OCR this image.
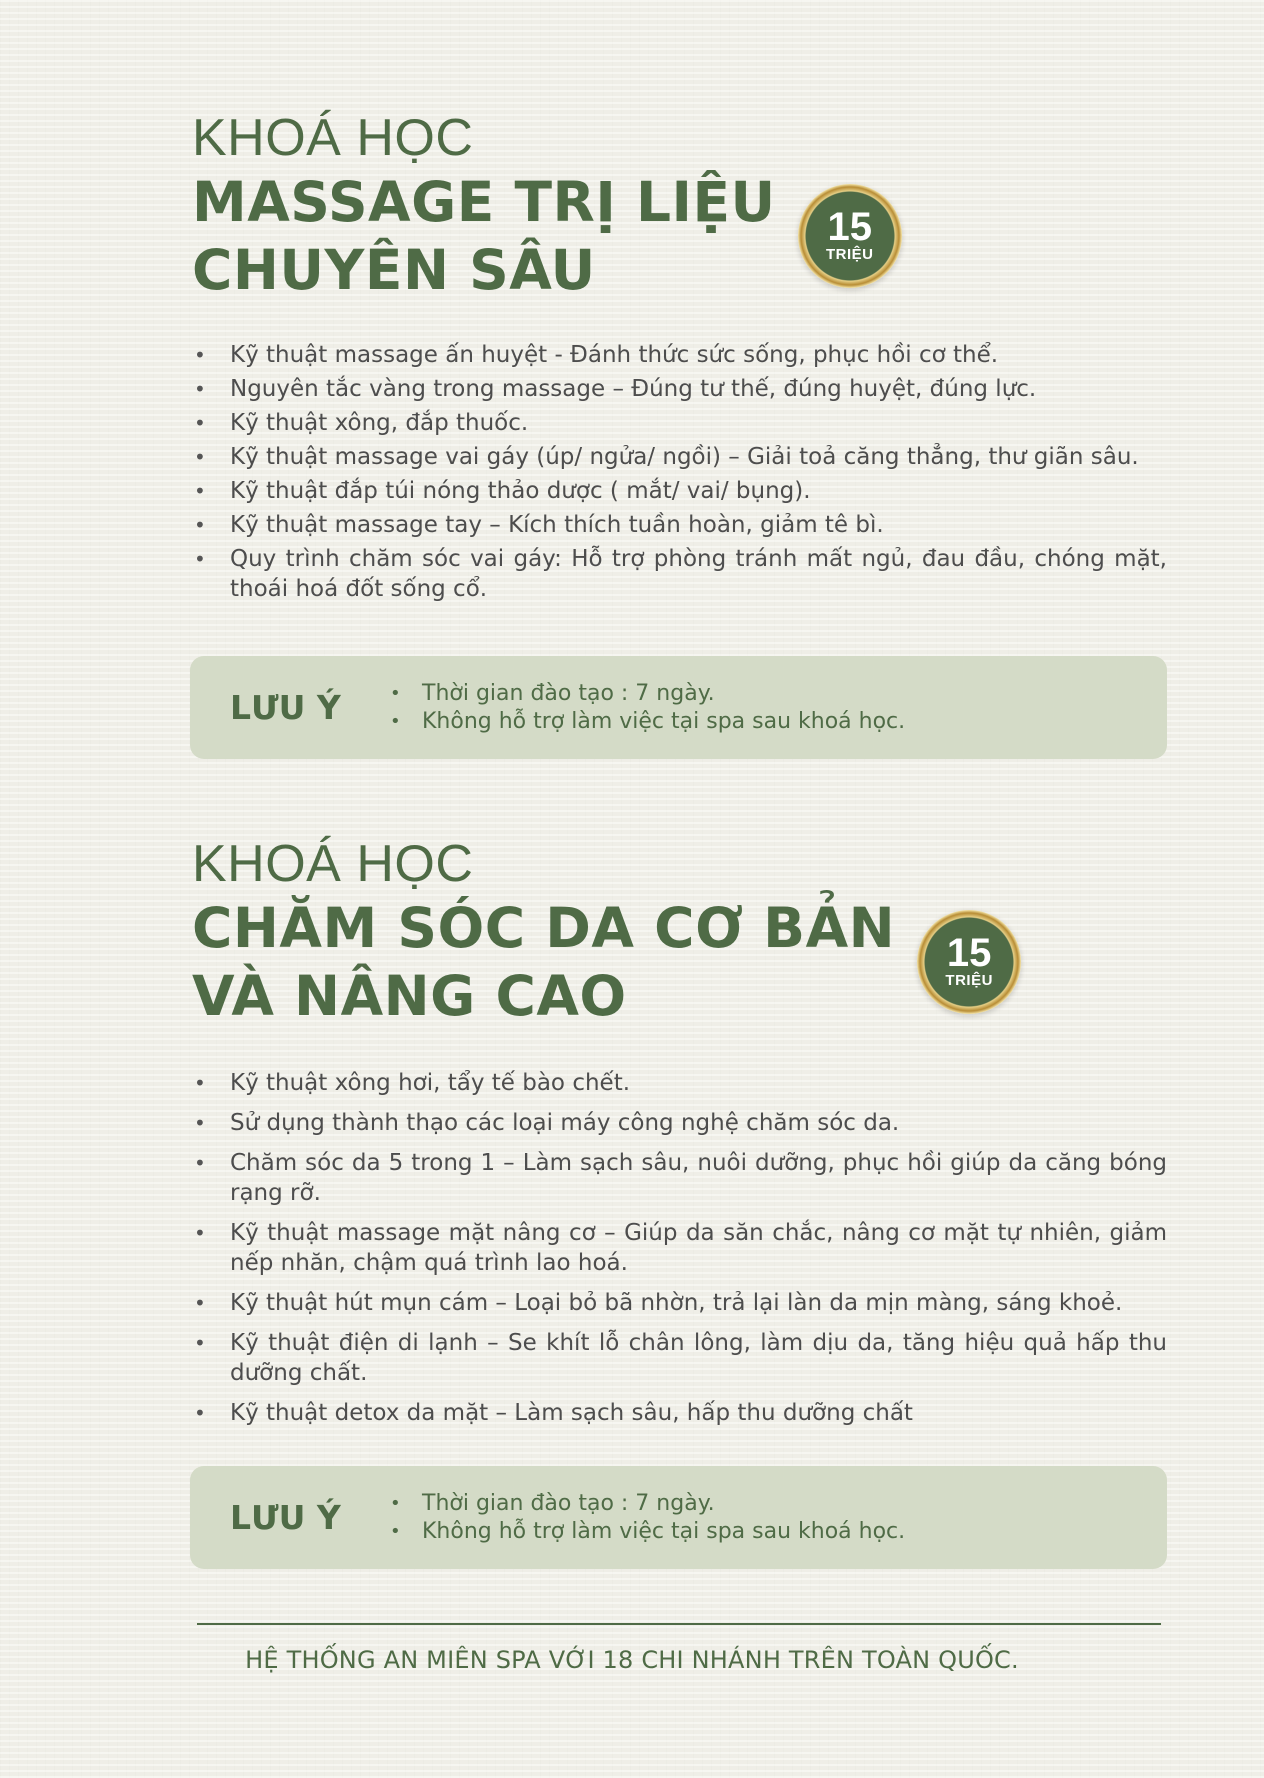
KHOÁ HỌC
MASSAGE TRỊ LIỆU
CHUYÊN SÂU
15
TRIỆU
• Kỹ thuật massage ấn huyệt - Đánh thức sức sống, phục hồi cơ thể.
• Nguyên tắc vàng trong massage – Đúng tư thế, đúng huyệt, đúng lực.
• Kỹ thuật xông, đắp thuốc.
• Kỹ thuật massage vai gáy (úp/ ngửa/ ngồi) – Giải toả căng thẳng, thư giãn sâu.
• Kỹ thuật đắp túi nóng thảo dược ( mắt/ vai/ bụng).
• Kỹ thuật massage tay – Kích thích tuần hoàn, giảm tê bì.
• Quy trình chăm sóc vai gáy: Hỗ trợ phòng tránh mất ngủ, đau đầu, chóng mặt, thoái hoá đốt sống cổ.
LƯU Ý	• Thời gian đào tạo : 7 ngày.
• Không hỗ trợ làm việc tại spa sau khoá học.
KHOÁ HỌC
CHĂM SÓC DA CƠ BẢN
VÀ NÂNG CAO
15
TRIỆU
• Kỹ thuật xông hơi, tẩy tế bào chết.
• Sử dụng thành thạo các loại máy công nghệ chăm sóc da.
• Chăm sóc da 5 trong 1 – Làm sạch sâu, nuôi dưỡng, phục hồi giúp da căng bóng rạng rỡ.
• Kỹ thuật massage mặt nâng cơ – Giúp da săn chắc, nâng cơ mặt tự nhiên, giảm nếp nhăn, chậm quá trình lao hoá.
• Kỹ thuật hút mụn cám – Loại bỏ bã nhờn, trả lại làn da mịn màng, sáng khoẻ.
• Kỹ thuật điện di lạnh – Se khít lỗ chân lông, làm dịu da, tăng hiệu quả hấp thu dưỡng chất.
• Kỹ thuật detox da mặt – Làm sạch sâu, hấp thu dưỡng chất
LƯU Ý	• Thời gian đào tạo : 7 ngày.
• Không hỗ trợ làm việc tại spa sau khoá học.
HỆ THỐNG AN MIÊN SPA VỚI 18 CHI NHÁNH TRÊN TOÀN QUỐC.
